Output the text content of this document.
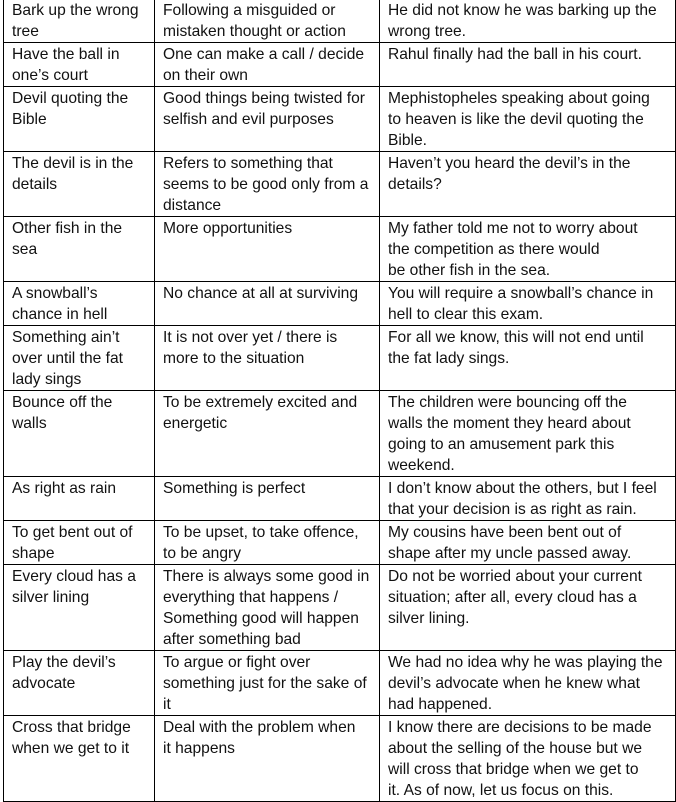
Bark up the wrong
tree	Following a misguided or
mistaken thought or action	He did not know he was barking up the
wrong tree.
Have the ball in
one’s court	One can make a call / decide
on their own	Rahul finally had the ball in his court.
Devil quoting the
Bible	Good things being twisted for
selfish and evil purposes	Mephistopheles speaking about going
to heaven is like the devil quoting the
Bible.
The devil is in the
details	Refers to something that
seems to be good only from a
distance	Haven’t you heard the devil’s in the
details?
Other fish in the
sea	More opportunities	My father told me not to worry about
the competition as there would
be other fish in the sea.
A snowball’s
chance in hell	No chance at all at surviving	You will require a snowball’s chance in
hell to clear this exam.
Something ain’t
over until the fat
lady sings	It is not over yet / there is
more to the situation	For all we know, this will not end until
the fat lady sings.
Bounce off the
walls	To be extremely excited and
energetic	The children were bouncing off the
walls the moment they heard about
going to an amusement park this
weekend.
As right as rain	Something is perfect	I don’t know about the others, but I feel
that your decision is as right as rain.
To get bent out of
shape	To be upset, to take offence,
to be angry	My cousins have been bent out of
shape after my uncle passed away.
Every cloud has a
silver lining	There is always some good in
everything that happens /
Something good will happen
after something bad	Do not be worried about your current
situation; after all, every cloud has a
silver lining.
Play the devil’s
advocate	To argue or fight over
something just for the sake of
it	We had no idea why he was playing the
devil’s advocate when he knew what
had happened.
Cross that bridge
when we get to it	Deal with the problem when
it happens	I know there are decisions to be made
about the selling of the house but we
will cross that bridge when we get to
it. As of now, let us focus on this.
